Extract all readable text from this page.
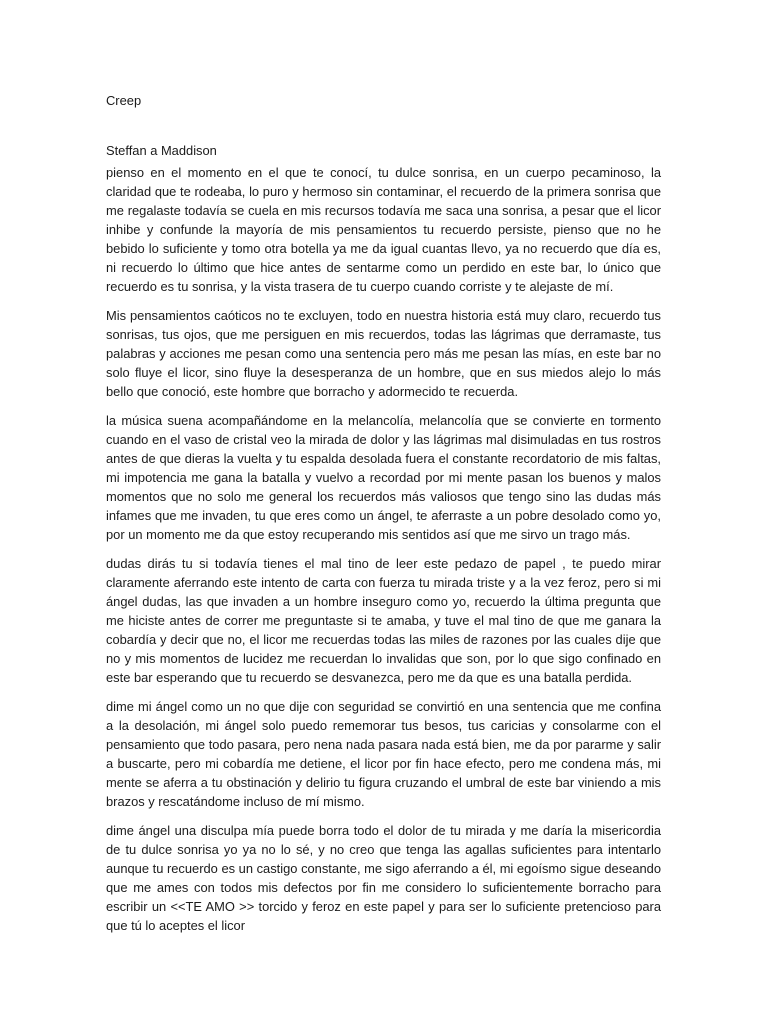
Creep

Steffan a Maddison

pienso en el momento en el que te conocí, tu dulce sonrisa, en un cuerpo pecaminoso, la claridad que te rodeaba, lo puro y hermoso sin contaminar, el recuerdo de la primera sonrisa que me regalaste todavía se cuela en mis recursos todavía me saca una sonrisa, a pesar que el licor inhibe y confunde la mayoría de mis pensamientos tu recuerdo persiste, pienso que no he bebido lo suficiente y tomo otra botella ya me da igual cuantas llevo, ya no recuerdo que día es, ni recuerdo lo último que hice antes de sentarme como un perdido en este bar, lo único que recuerdo es tu sonrisa, y la vista trasera de tu cuerpo cuando corriste y te alejaste de mí.

Mis pensamientos caóticos no te excluyen, todo en nuestra historia está muy claro, recuerdo tus sonrisas, tus ojos, que me persiguen en mis recuerdos, todas las lágrimas que derramaste, tus palabras y acciones me pesan como una sentencia pero más me pesan las mías, en este bar no solo fluye el licor, sino fluye la desesperanza de un hombre, que en sus miedos alejo lo más bello que conoció, este hombre que borracho y adormecido te recuerda.

la música suena acompañándome en la melancolía, melancolía que se convierte en tormento cuando en el vaso de cristal veo la mirada de dolor y las lágrimas mal disimuladas en tus rostros antes de que dieras la vuelta y tu espalda desolada fuera el constante recordatorio de mis faltas, mi impotencia me gana la batalla y vuelvo a recordad por mi mente pasan los buenos y malos momentos que no solo me general los recuerdos más valiosos que tengo sino las dudas más infames que me invaden, tu que eres como un ángel, te aferraste a un pobre desolado como yo, por un momento me da que estoy recuperando mis sentidos así que me sirvo un trago más.

dudas dirás tu si todavía tienes el mal tino de leer este pedazo de papel , te puedo mirar claramente aferrando este intento de carta con fuerza tu mirada triste y a la vez feroz, pero si mi ángel dudas, las que invaden a un hombre inseguro como yo, recuerdo la última pregunta que me hiciste antes de correr me preguntaste si te amaba, y tuve el mal tino de que me ganara la cobardía y decir que no, el licor me recuerdas todas las miles de razones por las cuales dije que no y mis momentos de lucidez me recuerdan lo invalidas que son, por lo que sigo confinado en este bar esperando que tu recuerdo se desvanezca, pero me da que es una batalla perdida.

dime mi ángel como un no que dije con seguridad se convirtió en una sentencia que me confina a la desolación, mi ángel solo puedo rememorar tus besos, tus caricias y consolarme con el pensamiento que todo pasara, pero nena nada pasara nada está bien, me da por pararme y salir a buscarte, pero mi cobardía me detiene, el licor por fin hace efecto, pero me condena más, mi mente se aferra a tu obstinación y delirio tu figura cruzando el umbral de este bar viniendo a mis brazos y rescatándome incluso de mí mismo.

dime ángel una disculpa mía puede borra todo el dolor de tu mirada y me daría la misericordia de tu dulce sonrisa yo ya no lo sé, y no creo que tenga las agallas suficientes para intentarlo aunque tu recuerdo es un castigo constante, me sigo aferrando a él, mi egoísmo sigue deseando que me ames con todos mis defectos por fin me considero lo suficientemente borracho para escribir un <<TE AMO >> torcido y feroz en este papel y para ser lo suficiente pretencioso para que tú lo aceptes el licor
